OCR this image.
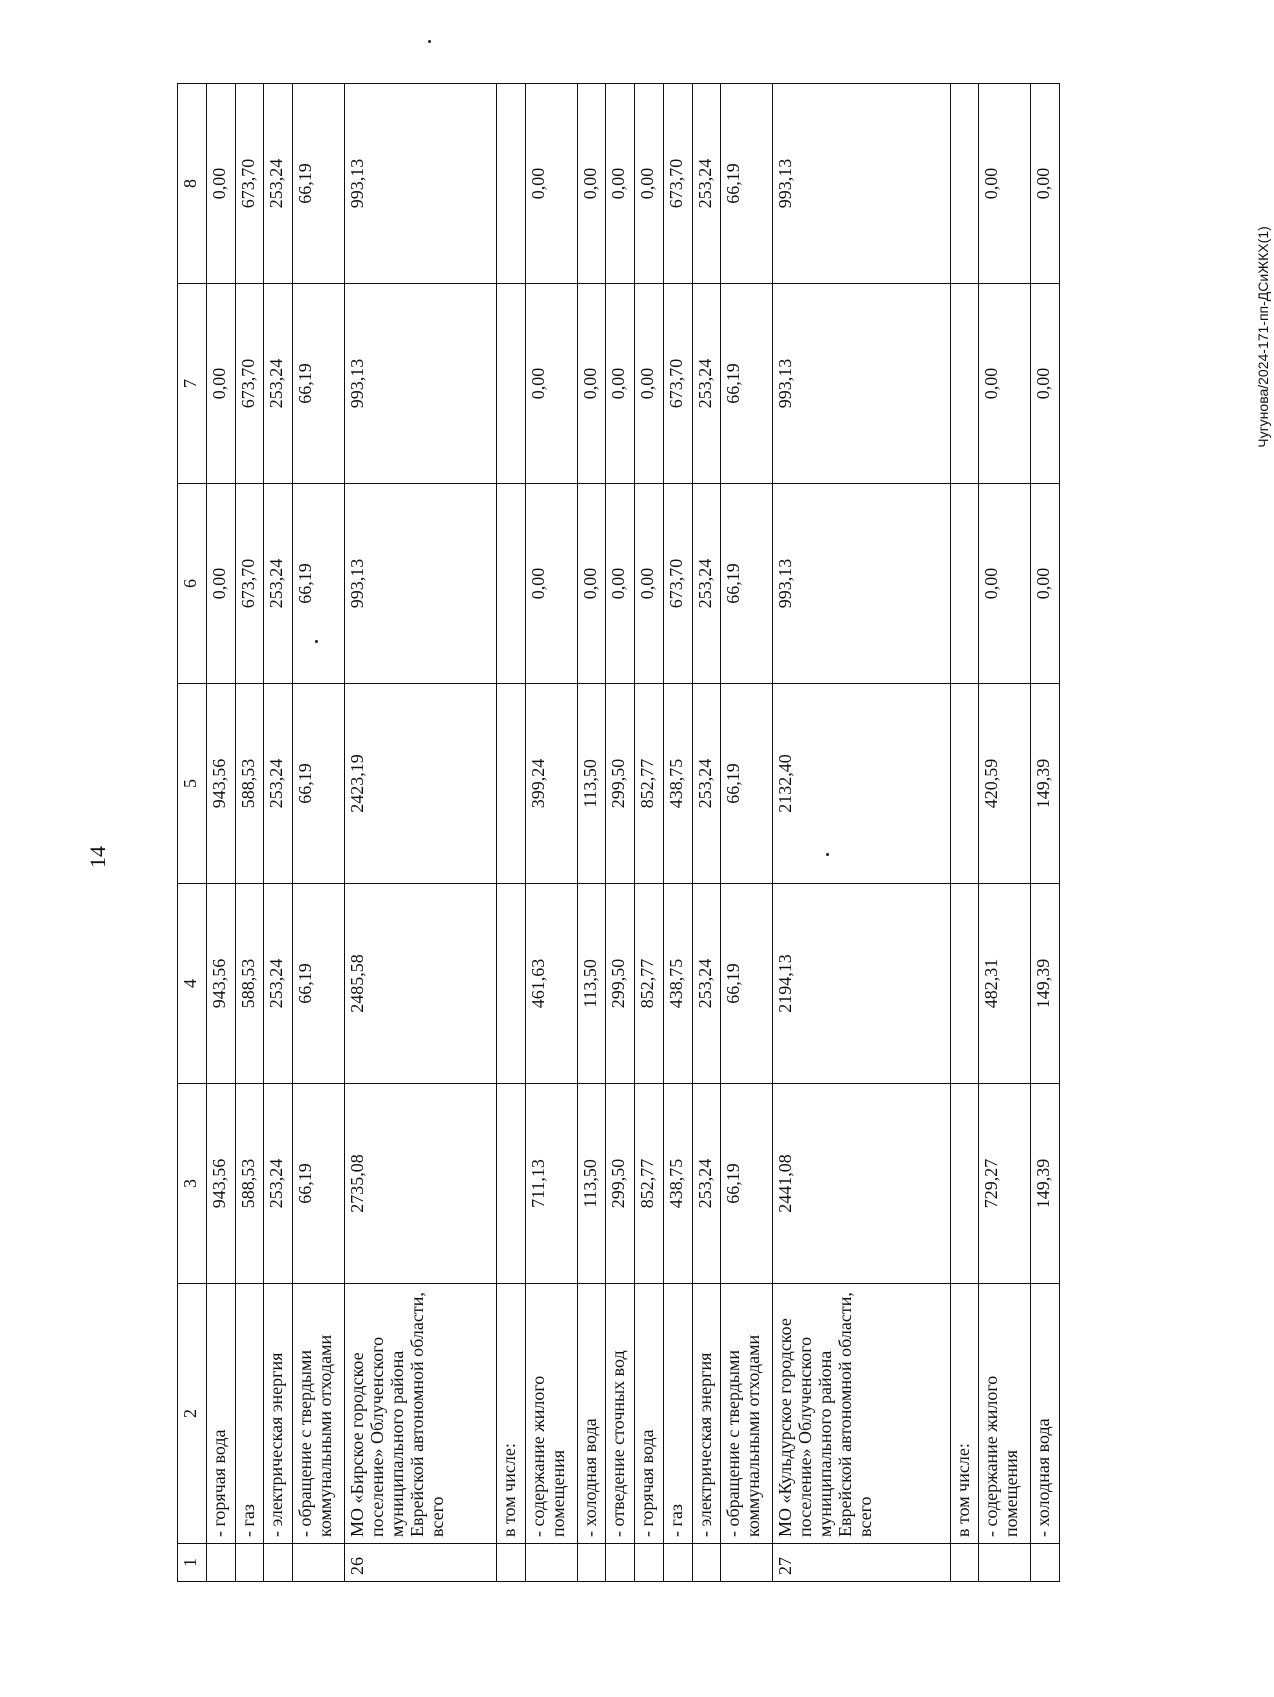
14
Чугунова/2024-171-пп-ДСиЖКХ(1)
1	2	3	4	5	6	7	8
	- горячая вода	943,56	943,56	943,56	0,00	0,00	0,00
	- газ	588,53	588,53	588,53	673,70	673,70	673,70
	- электрическая энергия	253,24	253,24	253,24	253,24	253,24	253,24
	- обращение с твердыми коммунальными отходами	66,19	66,19	66,19	66,19	66,19	66,19
26	МО «Бирское городское поселение» Облученского муниципального района Еврейской автономной области, всего	2735,08	2485,58	2423,19	993,13	993,13	993,13
	в том числе:						
	- содержание жилого помещения	711,13	461,63	399,24	0,00	0,00	0,00
	- холодная вода	113,50	113,50	113,50	0,00	0,00	0,00
	- отведение сточных вод	299,50	299,50	299,50	0,00	0,00	0,00
	- горячая вода	852,77	852,77	852,77	0,00	0,00	0,00
	- газ	438,75	438,75	438,75	673,70	673,70	673,70
	- электрическая энергия	253,24	253,24	253,24	253,24	253,24	253,24
	- обращение с твердыми коммунальными отходами	66,19	66,19	66,19	66,19	66,19	66,19
27	МО «Кульдурское городское поселение» Облученского муниципального района Еврейской автономной области, всего	2441,08	2194,13	2132,40	993,13	993,13	993,13
	в том числе:						
	- содержание жилого помещения	729,27	482,31	420,59	0,00	0,00	0,00
	- холодная вода	149,39	149,39	149,39	0,00	0,00	0,00
